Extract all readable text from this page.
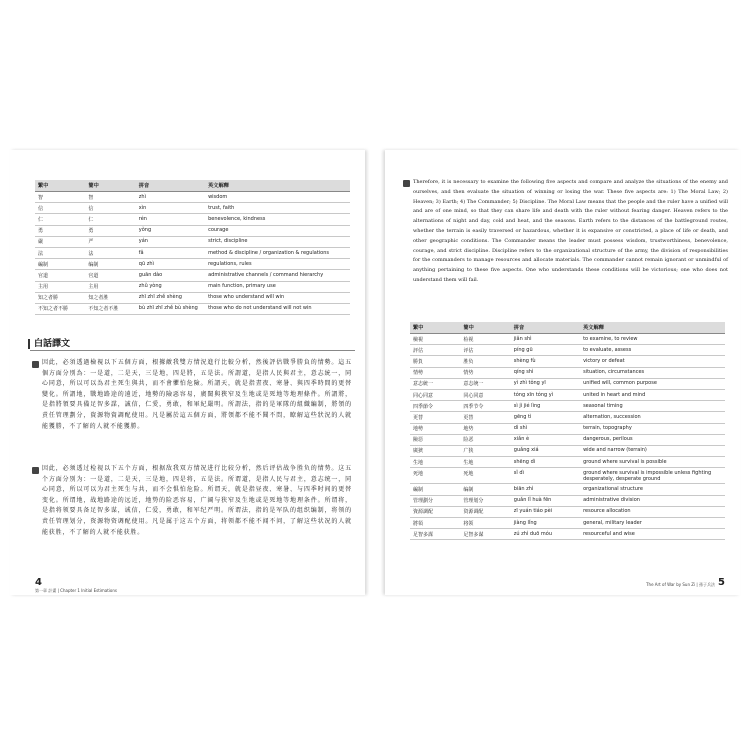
繁中	簡中	拼音	英文解釋
智	智	zhì	wisdom
信	信	xìn	trust, faith
仁	仁	rén	benevolence, kindness
勇	勇	yǒng	courage
嚴	严	yán	strict, discipline
法	法	fǎ	method & discipline / organization & regulations
編制	编制	qū zhì	regulations, rules
官道	官道	guān dào	administrative channels / command hierarchy
主用	主用	zhǔ yòng	main function, primary use
知之者勝	知之者胜	zhī zhī zhě shèng	those who understand will win
不知之者不勝	不知之者不胜	bù zhī zhī zhě bù shèng	those who do not understand will not win
白話譯文
因此，必須透過檢視以下五個方面，根據敵我雙方情況進行比較分析，然後評估戰爭勝負的情勢。這五個方面分別為：一是道，二是天，三是地，四是將，五是法。所謂道，是指人民與君主，意志統一，同心同意，所以可以為君主死生與共，而不會懼怕危險。所謂天，就是指晝夜、寒暑、與四季時間的更替變化。所謂地，戰地路途的遠近，地勢的險惡容易，廣闊與狹窄及生地或是死地等地理條件。所謂將，是指將領要具備足智多謀，誠信，仁愛，勇敢，和軍紀嚴明。所謂法，指的是軍隊的組織編制，將領的責任管理劃分，資源物資調配使用。凡是屬於這五個方面，將領都不能不聞不問，瞭解這些狀況的人就能獲勝，不了解的人就不能獲勝。
因此，必须透过检视以下五个方面，根据敌我双方情况进行比较分析，然后评估战争胜负的情势。这五个方面分别为：一是道，二是天，三是地，四是将，五是法。所谓道，是指人民与君主，意志统一，同心同意，所以可以为君主死生与共，而不会惧怕危险。所谓天，就是指昼夜、寒暑、与四季时间的更替变化。所谓地，战地路途的远近，地势的险恶容易，广阔与狭窄及生地或是死地等地理条件。所谓将，是指将领要具备足智多谋，诚信，仁爱，勇敢，和军纪严明。所谓法，指的是军队的组织编制，将领的责任管理划分，资源物资调配使用。凡是属于这五个方面，将领都不能不闻不问，了解这些状况的人就能获胜，不了解的人就不能获胜。
4
第一章 計畫 | Chapter 1 Initial Estimations
Therefore, it is necessary to examine the following five aspects and compare and analyze the situations of the enemy and ourselves, and then evaluate the situation of winning or losing the war. These five aspects are: 1) The Moral Law; 2) Heaven; 3) Earth; 4) The Commander; 5) Discipline. The Moral Law means that the people and the ruler have a unified will and are of one mind, so that they can share life and death with the ruler without fearing danger. Heaven refers to the alternations of night and day, cold and heat, and the seasons. Earth refers to the distances of the battleground routes, whether the terrain is easily traversed or hazardous, whether it is expansive or constricted, a place of life or death, and other geographic conditions. The Commander means the leader must possess wisdom, trustworthiness, benevolence, courage, and strict discipline. Discipline refers to the organizational structure of the army, the division of responsibilities for the commanders to manage resources and allocate materials. The commander cannot remain ignorant or unmindful of anything pertaining to these five aspects. One who understands these conditions will be victorious; one who does not understand them will fail.
繁中	簡中	拼音	英文解釋
檢視	检视	jiǎn shì	to examine, to review
評估	评估	píng gū	to evaluate, assess
勝負	胜负	shèng fù	victory or defeat
情勢	情势	qíng shì	situation, circumstances
意志統一	意志统一	yì zhì tǒng yī	unified will, common purpose
同心同意	同心同意	tóng xīn tóng yì	united in heart and mind
四季節令	四季节令	sì jì jié lìng	seasonal timing
更替	更替	gēng tì	alternation, succession
地勢	地势	dì shì	terrain, topography
險惡	险恶	xiǎn è	dangerous, perilous
廣狹	广狭	guǎng xiá	wide and narrow (terrain)
生地	生地	shēng dì	ground where survival is possible
死地	死地	sǐ dì	ground where survival is impossible unless fighting desperately, desperate ground
編制	编制	biān zhì	organizational structure
管理劃分	管理划分	guǎn lǐ huà fēn	administrative division
資源調配	资源调配	zī yuán tiáo pèi	resource allocation
將領	将领	jiàng lǐng	general, military leader
足智多謀	足智多谋	zú zhì duō móu	resourceful and wise
The Art of War by Sun Zi | 孫子兵法 5
